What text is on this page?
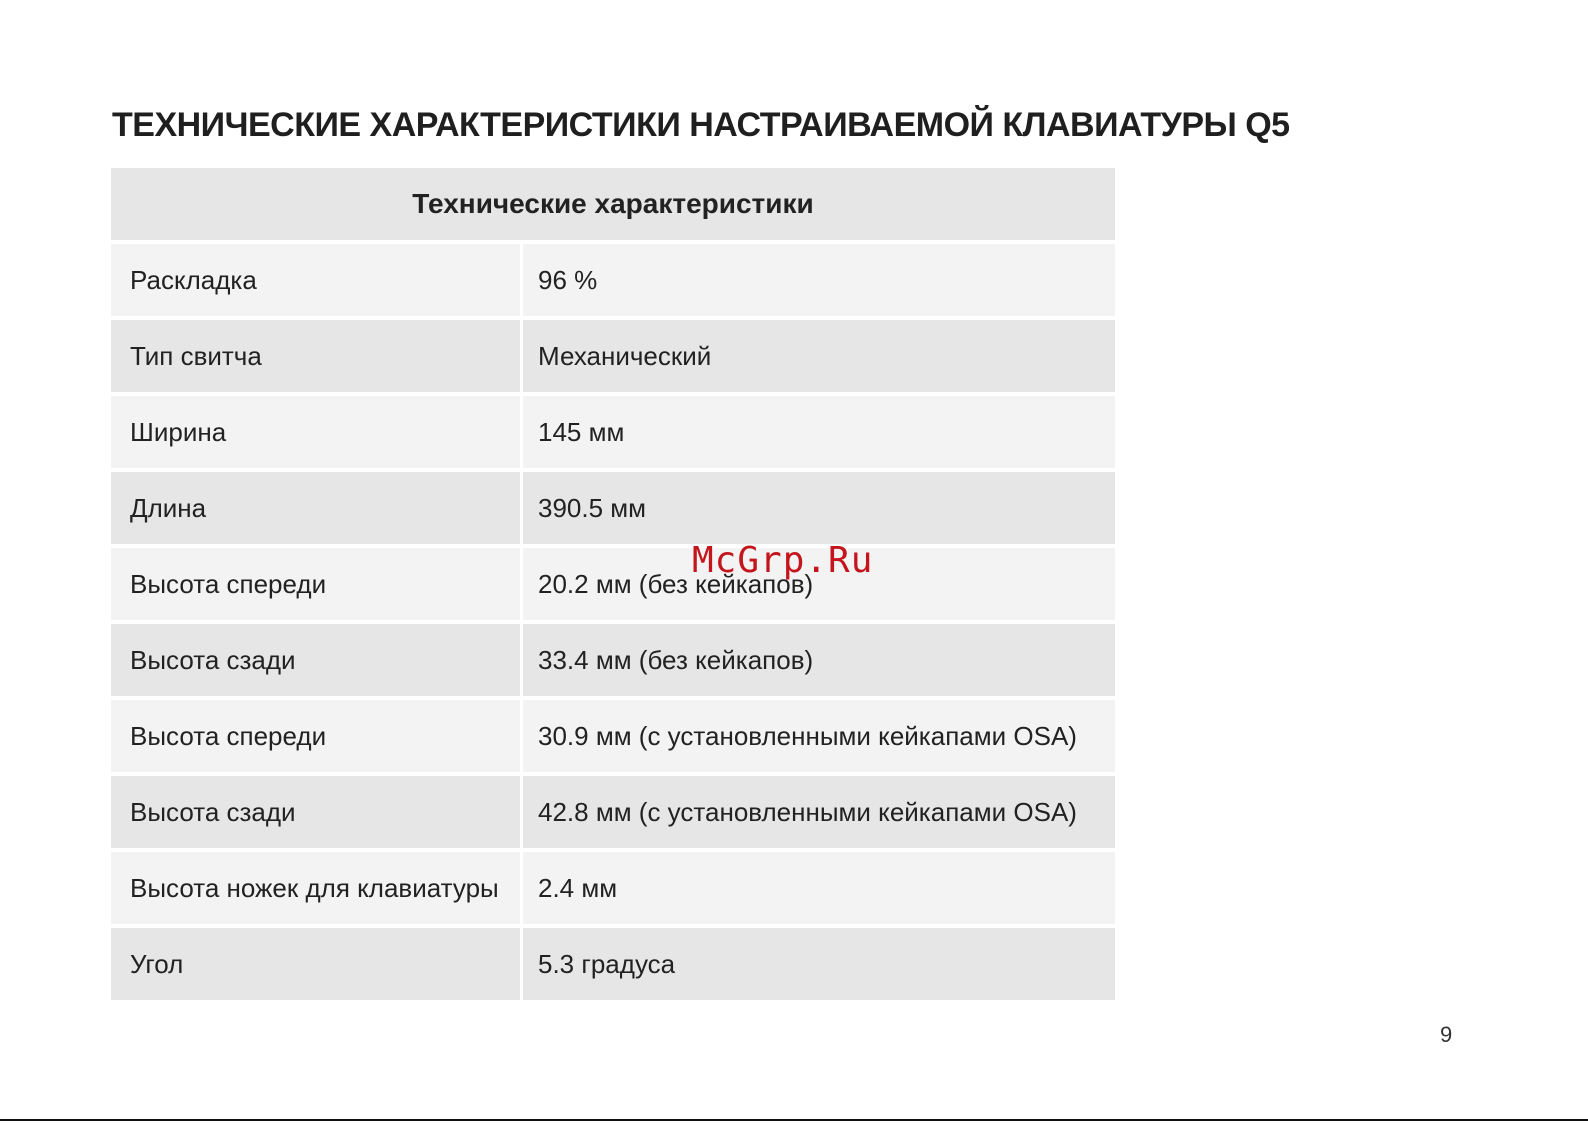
ТЕХНИЧЕСКИЕ ХАРАКТЕРИСТИКИ НАСТРАИВАЕМОЙ КЛАВИАТУРЫ Q5
Технические характеристики	
Раскладка	96 %
Тип свитча	Механический
Ширина	145 мм
Длина	390.5 мм
Высота спереди	20.2 мм (без кейкапов)
Высота сзади	33.4 мм (без кейкапов)
Высота спереди	30.9 мм (с установленными кейкапами OSA)
Высота сзади	42.8 мм (с установленными кейкапами OSA)
Высота ножек для клавиатуры	2.4 мм
Угол	5.3 градуса
McGrp.Ru
9
